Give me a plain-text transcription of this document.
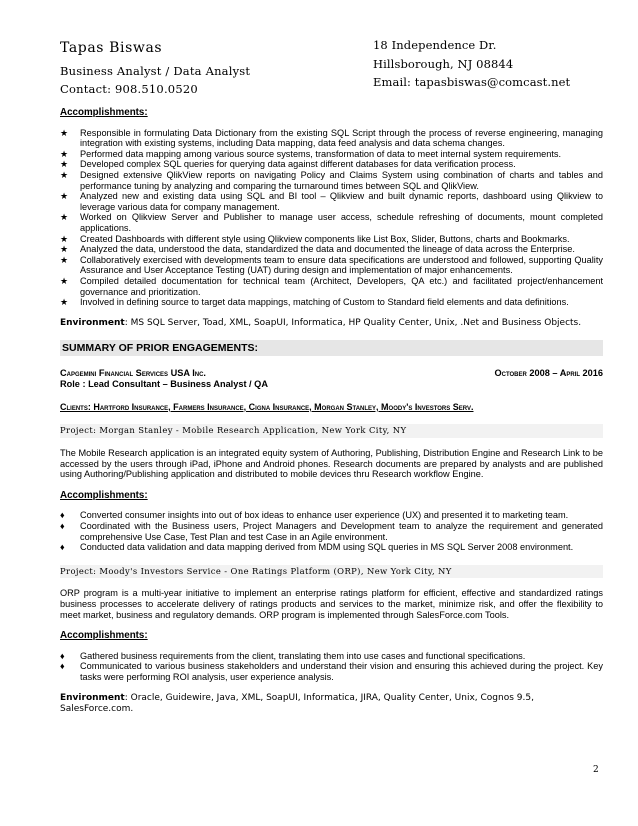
Tapas Biswas
Business Analyst / Data Analyst
Contact: 908.510.0520
18 Independence Dr.
Hillsborough, NJ 08844
Email: tapasbiswas@comcast.net
Accomplishments:
★ Responsible in formulating Data Dictionary from the existing SQL Script through the process of reverse engineering, managing integration with existing systems, including Data mapping, data feed analysis and data schema changes.
★ Performed data mapping among various source systems, transformation of data to meet internal system requirements.
★ Developed complex SQL queries for querying data against different databases for data verification process.
★ Designed extensive QlikView reports on navigating Policy and Claims System using combination of charts and tables and performance tuning by analyzing and comparing the turnaround times between SQL and QlikView.
★ Analyzed new and existing data using SQL and BI tool – Qlikview and built dynamic reports, dashboard using Qlikview to leverage various data for company management.
★ Worked on Qlikview Server and Publisher to manage user access, schedule refreshing of documents, mount completed applications.
★ Created Dashboards with different style using Qlikview components like List Box, Slider, Buttons, charts and Bookmarks.
★ Analyzed the data, understood the data, standardized the data and documented the lineage of data across the Enterprise.
★ Collaboratively exercised with developments team to ensure data specifications are understood and followed, supporting Quality Assurance and User Acceptance Testing (UAT) during design and implementation of major enhancements.
★ Compiled detailed documentation for technical team (Architect, Developers, QA etc.) and facilitated project/enhancement governance and prioritization.
★ Involved in defining source to target data mappings, matching of Custom to Standard field elements and data definitions.
Environment: MS SQL Server, Toad, XML, SoapUI, Informatica, HP Quality Center, Unix, .Net and Business Objects.
SUMMARY OF PRIOR ENGAGEMENTS:
Capgemini Financial Services USA Inc.	October 2008 – April 2016
Role : Lead Consultant – Business Analyst / QA
Clients: Hartford Insurance, Farmers Insurance, Cigna Insurance, Morgan Stanley, Moody's Investors Serv.
Project: Morgan Stanley - Mobile Research Application, New York City, NY
The Mobile Research application is an integrated equity system of Authoring, Publishing, Distribution Engine and Research Link to be accessed by the users through iPad, iPhone and Android phones. Research documents are prepared by analysts and are published using Authoring/Publishing application and distributed to mobile devices thru Research workflow Engine.
Accomplishments:
♦ Converted consumer insights into out of box ideas to enhance user experience (UX) and presented it to marketing team.
♦ Coordinated with the Business users, Project Managers and Development team to analyze the requirement and generated comprehensive Use Case, Test Plan and test Case in an Agile environment.
♦ Conducted data validation and data mapping derived from MDM using SQL queries in MS SQL Server 2008 environment.
Project: Moody's Investors Service - One Ratings Platform (ORP), New York City, NY
ORP program is a multi-year initiative to implement an enterprise ratings platform for efficient, effective and standardized ratings business processes to accelerate delivery of ratings products and services to the market, minimize risk, and offer the flexibility to meet market, business and regulatory demands. ORP program is implemented through SalesForce.com Tools.
Accomplishments:
♦ Gathered business requirements from the client, translating them into use cases and functional specifications.
♦ Communicated to various business stakeholders and understand their vision and ensuring this achieved during the project. Key tasks were performing ROI analysis, user experience analysis.
Environment: Oracle, Guidewire, Java, XML, SoapUI, Informatica, JIRA, Quality Center, Unix, Cognos 9.5, SalesForce.com.
2
